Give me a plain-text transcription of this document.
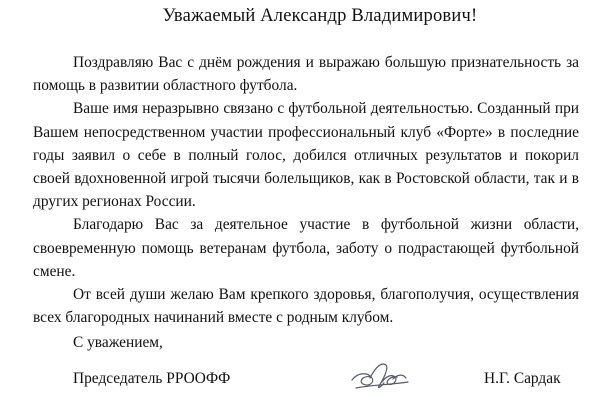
Уважаемый Александр Владимирович!

Поздравляю Вас с днём рождения и выражаю большую признательность за помощь в развитии областного футбола.

Ваше имя неразрывно связано с футбольной деятельностью. Созданный при Вашем непосредственном участии профессиональный клуб «Форте» в последние годы заявил о себе в полный голос, добился отличных результатов и покорил своей вдохновенной игрой тысячи болельщиков, как в Ростовской области, так и в других регионах России.

Благодарю Вас за деятельное участие в футбольной жизни области, своевременную помощь ветеранам футбола, заботу о подрастающей футбольной смене.

От всей души желаю Вам крепкого здоровья, благополучия, осуществления всех благородных начинаний вместе с родным клубом.

С уважением,
Председатель РРООФФ	Н.Г. Сардак
